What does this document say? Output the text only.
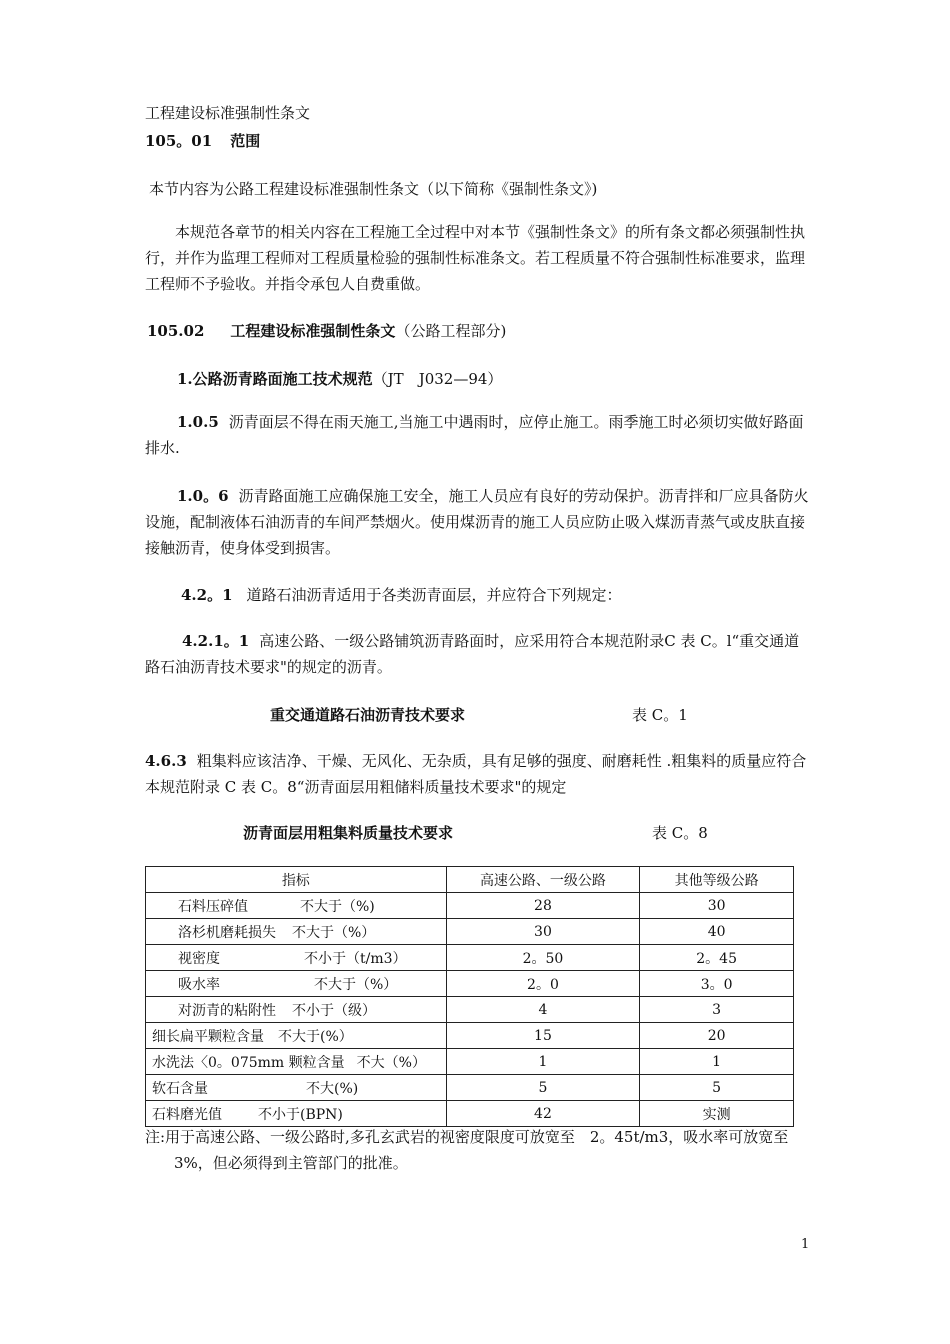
工程建设标准强制性条文
105。01 范围
本节内容为公路工程建设标准强制性条文（以下简称《强制性条文》)
本规范各章节的相关内容在工程施工全过程中对本节《强制性条文》的所有条文都必须强制性执行，并作为监理工程师对工程质量检验的强制性标准条文。若工程质量不符合强制性标准要求，监理工程师不予验收。并指令承包人自费重做。
105.02 工程建设标准强制性条文（公路工程部分)
1.公路沥青路面施工技术规范（JT　J032—94）
1.0.5 沥青面层不得在雨天施工,当施工中遇雨时，应停止施工。雨季施工时必须切实做好路面排水.
1.0。6 沥青路面施工应确保施工安全，施工人员应有良好的劳动保护。沥青拌和厂应具备防火设施，配制液体石油沥青的车间严禁烟火。使用煤沥青的施工人员应防止吸入煤沥青蒸气或皮肤直接接触沥青，使身体受到损害。
4.2。1 道路石油沥青适用于各类沥青面层，并应符合下列规定：
4.2.1。1 高速公路、一级公路铺筑沥青路面时，应采用符合本规范附录C 表 C。l“重交通道路石油沥青技术要求"的规定的沥青。
重交通道路石油沥青技术要求	表 C。1
4.6.3 粗集料应该洁净、干燥、无风化、无杂质，具有足够的强度、耐磨耗性 .粗集料的质量应符合本规范附录 C 表 C。8“沥青面层用粗储料质量技术要求"的规定
沥青面层用粗集料质量技术要求	表 C。8
指标	高速公路、一级公路	其他等级公路
石料压碎值 不大于（%)	28	30
洛杉机磨耗损失 不大于（%）	30	40
视密度 不小于（t/m3）	2。50	2。45
吸水率 不大于（%）	2。0	3。0
对沥青的粘附性 不小于（级）	4	3
细长扁平颗粒含量 不大于(%）	15	20
水洗法〈0。075mm 颗粒含量 不大（%）	1	1
软石含量 不大(%)	5	5
石料磨光值 不小于(BPN)	42	实测
注:用于高速公路、一级公路时,多孔玄武岩的视密度限度可放宽至　2。45t/m3，吸水率可放宽至3%，但必须得到主管部门的批准。
1
